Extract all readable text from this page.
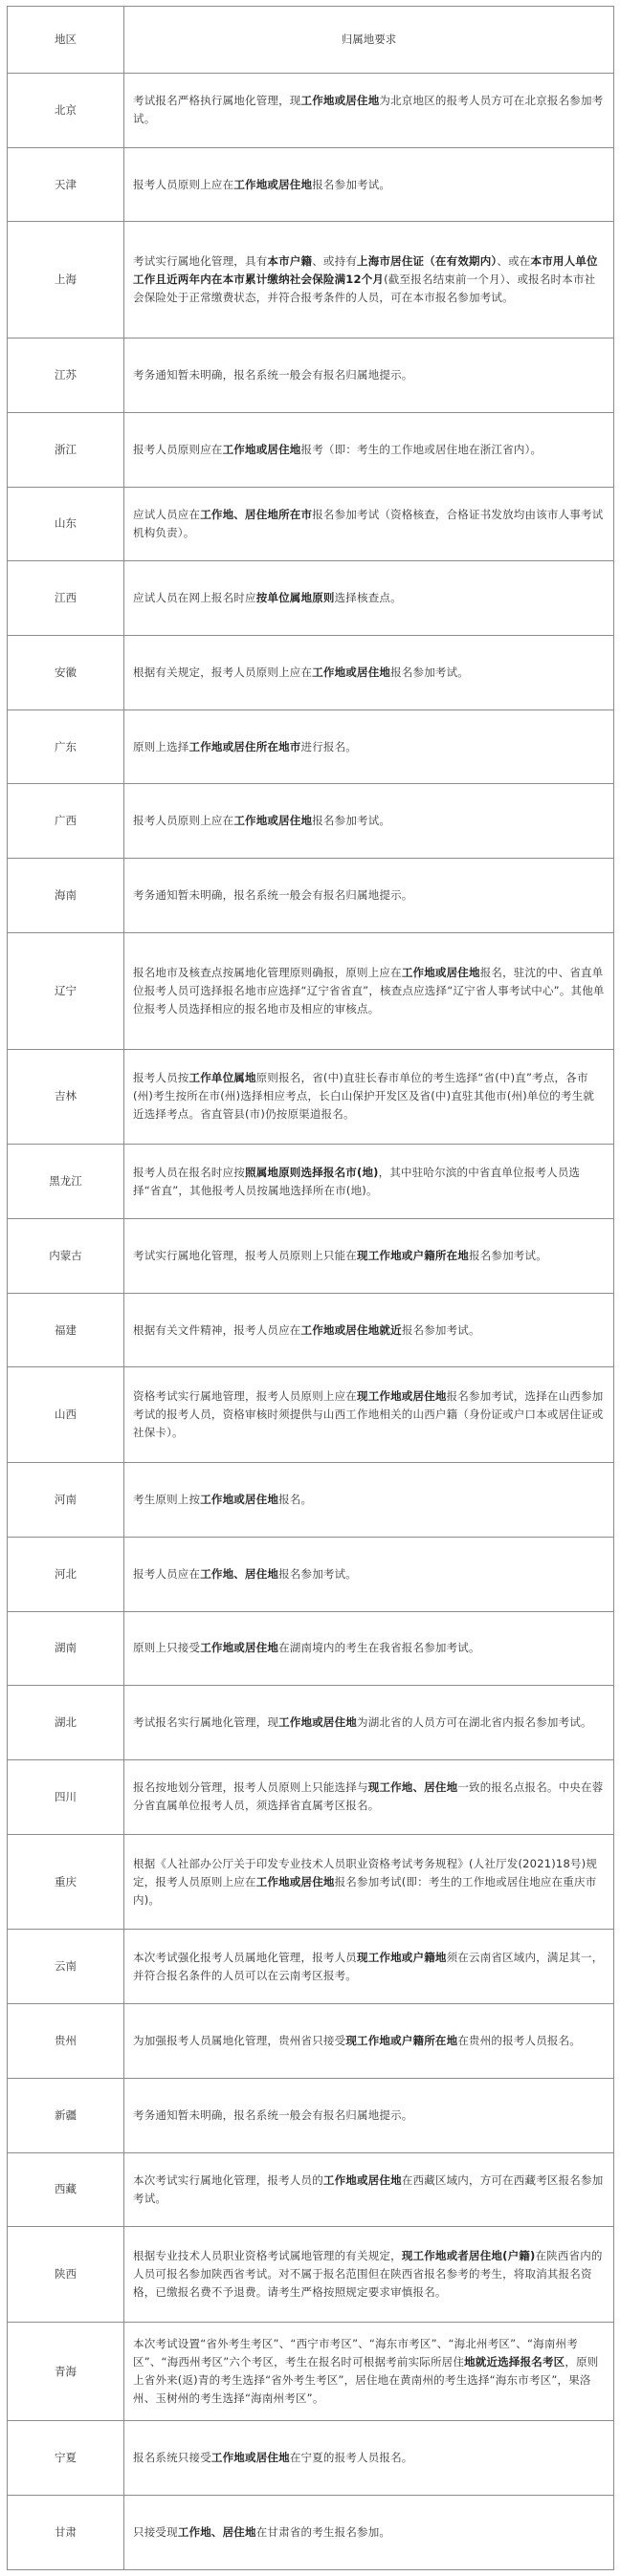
地区	归属地要求
北京	考试报名严格执行属地化管理，现工作地或居住地为北京地区的报考人员方可在北京报名参加考试。
天津	报考人员原则上应在工作地或居住地报名参加考试。
上海	考试实行属地化管理，具有本市户籍、或持有上海市居住证（在有效期内）、或在本市用人单位工作且近两年内在本市累计缴纳社会保险满12个月(截至报名结束前一个月）、或报名时本市社会保险处于正常缴费状态，并符合报考条件的人员，可在本市报名参加考试。
江苏	考务通知暂未明确，报名系统一般会有报名归属地提示。
浙江	报考人员原则应在工作地或居住地报考（即：考生的工作地或居住地在浙江省内）。
山东	应试人员应在工作地、居住地所在市报名参加考试（资格核查，合格证书发放均由该市人事考试机构负责）。
江西	应试人员在网上报名时应按单位属地原则选择核查点。
安徽	根据有关规定，报考人员原则上应在工作地或居住地报名参加考试。
广东	原则上选择工作地或居住所在地市进行报名。
广西	报考人员原则上应在工作地或居住地报名参加考试。
海南	考务通知暂未明确，报名系统一般会有报名归属地提示。
辽宁	报名地市及核查点按属地化管理原则确报，原则上应在工作地或居住地报名，驻沈的中、省直单位报考人员可选择报名地市应选择“辽宁省省直”，核查点应选择“辽宁省人事考试中心”。其他单位报考人员选择相应的报名地市及相应的审核点。
吉林	报考人员按工作单位属地原则报名，省(中)直驻长春市单位的考生选择“省(中)直”考点，各市(州)考生按所在市(州)选择相应考点，长白山保护开发区及省(中)直驻其他市(州)单位的考生就近选择考点。省直管县(市)仍按原渠道报名。
黑龙江	报考人员在报名时应按照属地原则选择报名市(地)，其中驻哈尔滨的中省直单位报考人员选择“省直”，其他报考人员按属地选择所在市(地)。
内蒙古	考试实行属地化管理，报考人员原则上只能在现工作地或户籍所在地报名参加考试。
福建	根据有关文件精神，报考人员应在工作地或居住地就近报名参加考试。
山西	资格考试实行属地管理，报考人员原则上应在现工作地或居住地报名参加考试，选择在山西参加考试的报考人员，资格审核时须提供与山西工作地相关的山西户籍（身份证或户口本或居住证或社保卡）。
河南	考生原则上按工作地或居住地报名。
河北	报考人员应在工作地、居住地报名参加考试。
湖南	原则上只接受工作地或居住地在湖南境内的考生在我省报名参加考试。
湖北	考试报名实行属地化管理，现工作地或居住地为湖北省的人员方可在湖北省内报名参加考试。
四川	报名按地划分管理，报考人员原则上只能选择与现工作地、居住地一致的报名点报名。中央在蓉分省直属单位报考人员，须选择省直属考区报名。
重庆	根据《人社部办公厅关于印发专业技术人员职业资格考试考务规程》(人社厅发(2021)18号)规定，报考人员原则上应在工作地或居住地报名参加考试(即：考生的工作地或居住地应在重庆市内)。
云南	本次考试强化报考人员属地化管理，报考人员现工作地或户籍地须在云南省区域内，满足其一，并符合报名条件的人员可以在云南考区报考。
贵州	为加强报考人员属地化管理，贵州省只接受现工作地或户籍所在地在贵州的报考人员报名。
新疆	考务通知暂未明确，报名系统一般会有报名归属地提示。
西藏	本次考试实行属地化管理，报考人员的工作地或居住地在西藏区域内，方可在西藏考区报名参加考试。
陕西	根据专业技术人员职业资格考试属地管理的有关规定，现工作地或者居住地(户籍)在陕西省内的人员可报名参加陕西省考试。对不属于报名范围但在陕西省报名参考的考生，将取消其报名资格，已缴报名费不予退费。请考生严格按照规定要求审慎报名。
青海	本次考试设置“省外考生考区”、“西宁市考区”、“海东市考区”、“海北州考区”、“海南州考区”、“海西州考区”六个考区，考生在报名时可根据考前实际所居住地就近选择报名考区，原则上省外来(返)青的考生选择“省外考生考区”，居住地在黄南州的考生选择“海东市考区”，果洛州、玉树州的考生选择“海南州考区”。
宁夏	报名系统只接受工作地或居住地在宁夏的报考人员报名。
甘肃	只接受现工作地、居住地在甘肃省的考生报名参加。
